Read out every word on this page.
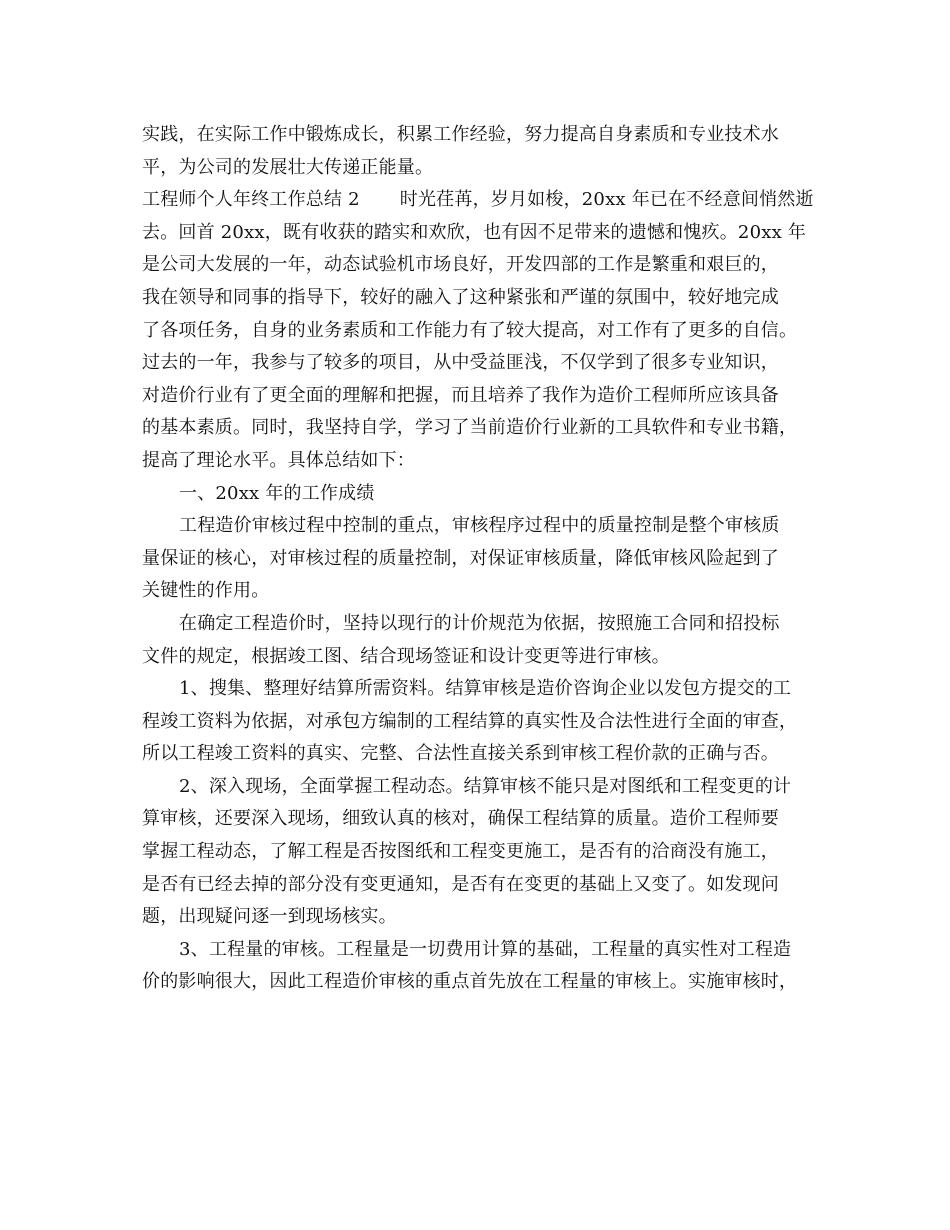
实践，在实际工作中锻炼成长，积累工作经验，努力提高自身素质和专业技术水
平，为公司的发展壮大传递正能量。
工程师个人年终工作总结 2 时光荏苒，岁月如梭，20xx 年已在不经意间悄然逝
去。回首 20xx，既有收获的踏实和欢欣，也有因不足带来的遗憾和愧疚。20xx 年
是公司大发展的一年，动态试验机市场良好，开发四部的工作是繁重和艰巨的，
我在领导和同事的指导下，较好的融入了这种紧张和严谨的氛围中，较好地完成
了各项任务，自身的业务素质和工作能力有了较大提高，对工作有了更多的自信。
过去的一年，我参与了较多的项目，从中受益匪浅，不仅学到了很多专业知识，
对造价行业有了更全面的理解和把握，而且培养了我作为造价工程师所应该具备
的基本素质。同时，我坚持自学，学习了当前造价行业新的工具软件和专业书籍，
提高了理论水平。具体总结如下：
一、20xx 年的工作成绩
工程造价审核过程中控制的重点，审核程序过程中的质量控制是整个审核质
量保证的核心，对审核过程的质量控制，对保证审核质量，降低审核风险起到了
关键性的作用。
在确定工程造价时，坚持以现行的计价规范为依据，按照施工合同和招投标
文件的规定，根据竣工图、结合现场签证和设计变更等进行审核。
1、搜集、整理好结算所需资料。结算审核是造价咨询企业以发包方提交的工
程竣工资料为依据，对承包方编制的工程结算的真实性及合法性进行全面的审查，
所以工程竣工资料的真实、完整、合法性直接关系到审核工程价款的正确与否。
2、深入现场，全面掌握工程动态。结算审核不能只是对图纸和工程变更的计
算审核，还要深入现场，细致认真的核对，确保工程结算的质量。造价工程师要
掌握工程动态，了解工程是否按图纸和工程变更施工，是否有的洽商没有施工，
是否有已经去掉的部分没有变更通知，是否有在变更的基础上又变了。如发现问
题，出现疑问逐一到现场核实。
3、工程量的审核。工程量是一切费用计算的基础，工程量的真实性对工程造
价的影响很大，因此工程造价审核的重点首先放在工程量的审核上。实施审核时，
